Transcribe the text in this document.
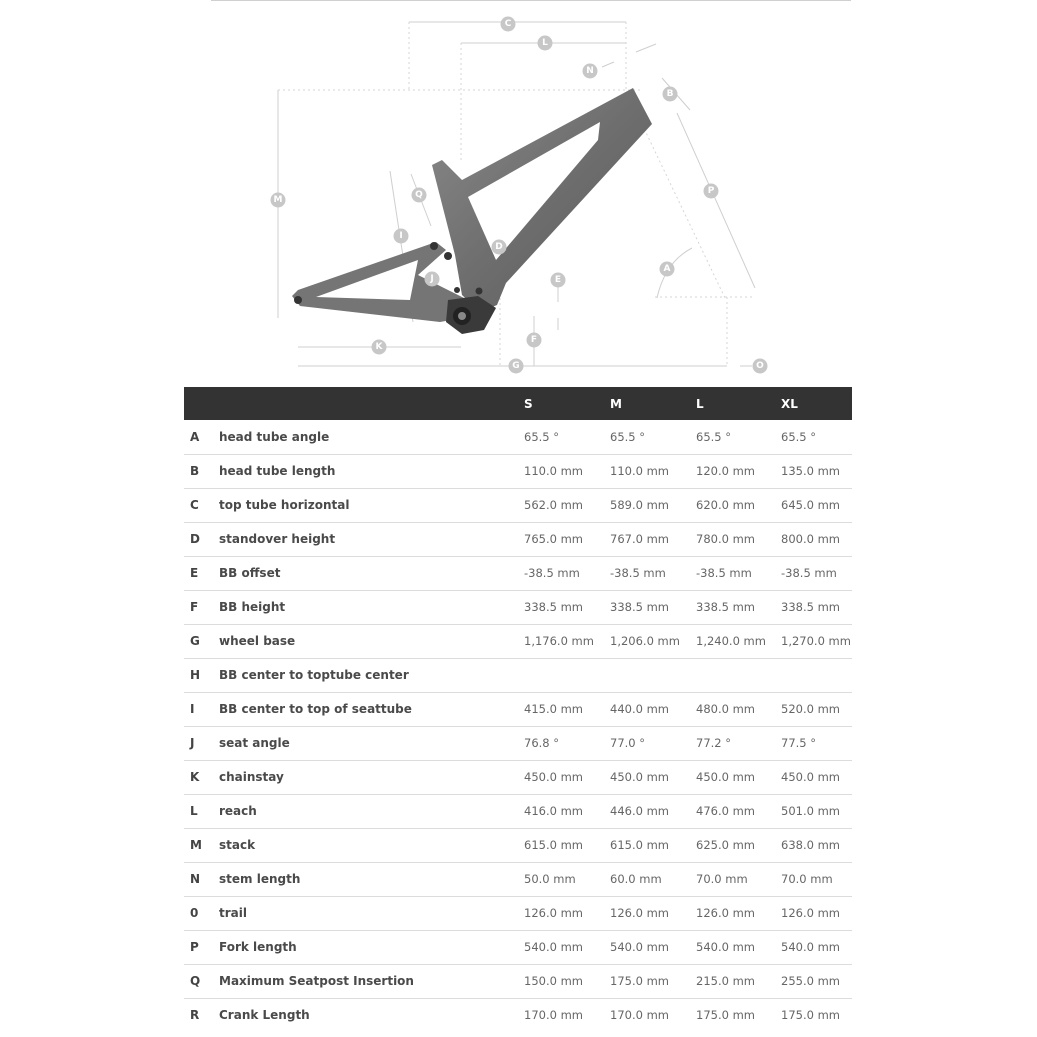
C
L
N
B
M	Q	P
I
D
J	E
A
F
K
G	O
		S	M	L	XL
A	head tube angle	65.5 °	65.5 °	65.5 °	65.5 °
B	head tube length	110.0 mm	110.0 mm	120.0 mm	135.0 mm
C	top tube horizontal	562.0 mm	589.0 mm	620.0 mm	645.0 mm
D	standover height	765.0 mm	767.0 mm	780.0 mm	800.0 mm
E	BB offset	-38.5 mm	-38.5 mm	-38.5 mm	-38.5 mm
F	BB height	338.5 mm	338.5 mm	338.5 mm	338.5 mm
G	wheel base	1,176.0 mm	1,206.0 mm	1,240.0 mm	1,270.0 mm
H	BB center to toptube center				
I	BB center to top of seattube	415.0 mm	440.0 mm	480.0 mm	520.0 mm
J	seat angle	76.8 °	77.0 °	77.2 °	77.5 °
K	chainstay	450.0 mm	450.0 mm	450.0 mm	450.0 mm
L	reach	416.0 mm	446.0 mm	476.0 mm	501.0 mm
M	stack	615.0 mm	615.0 mm	625.0 mm	638.0 mm
N	stem length	50.0 mm	60.0 mm	70.0 mm	70.0 mm
0	trail	126.0 mm	126.0 mm	126.0 mm	126.0 mm
P	Fork length	540.0 mm	540.0 mm	540.0 mm	540.0 mm
Q	Maximum Seatpost Insertion	150.0 mm	175.0 mm	215.0 mm	255.0 mm
R	Crank Length	170.0 mm	170.0 mm	175.0 mm	175.0 mm
